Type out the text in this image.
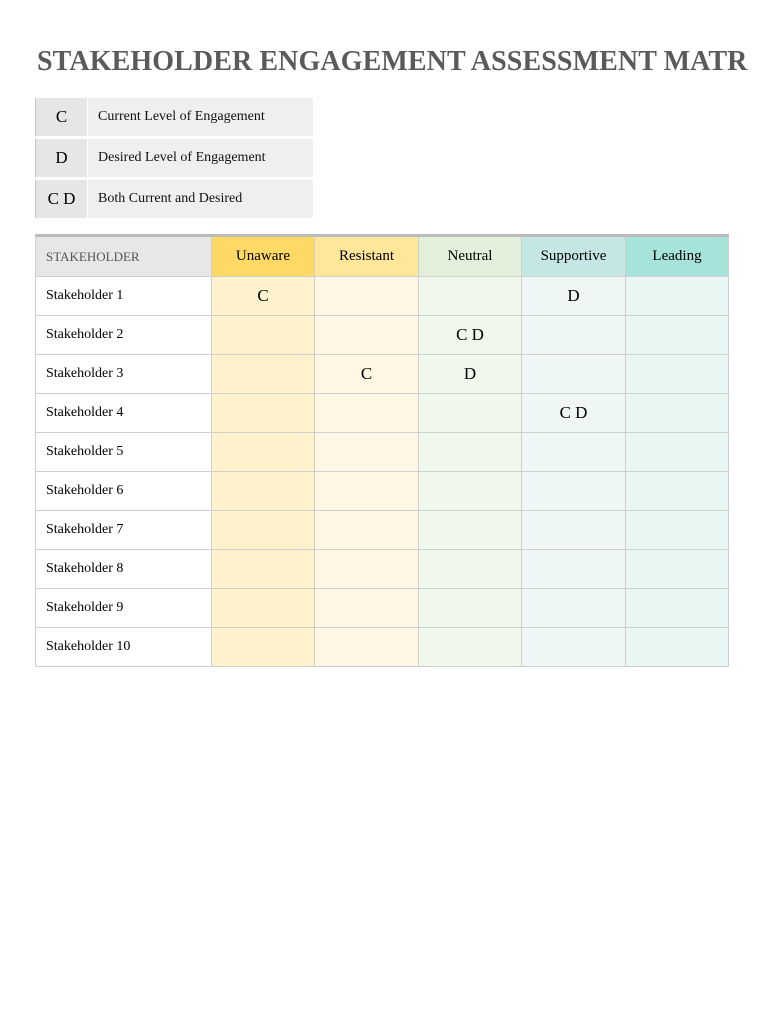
STAKEHOLDER ENGAGEMENT ASSESSMENT MATR
C	Current Level of Engagement
D	Desired Level of Engagement
C D	Both Current and Desired
STAKEHOLDER	Unaware	Resistant	Neutral	Supportive	Leading
Stakeholder 1	C			D	
Stakeholder 2			C D		
Stakeholder 3		C	D		
Stakeholder 4				C D	
Stakeholder 5					
Stakeholder 6					
Stakeholder 7					
Stakeholder 8					
Stakeholder 9					
Stakeholder 10					
